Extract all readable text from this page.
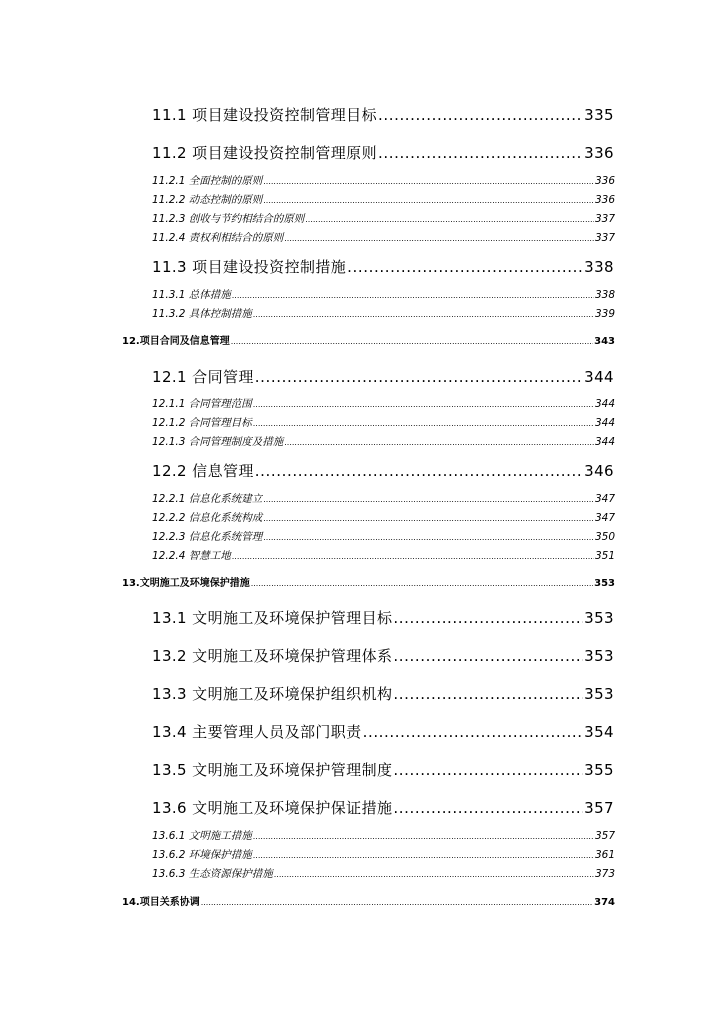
11.1 项目建设投资控制管理目标 .....	335
11.2 项目建设投资控制管理原则 .....	336
11.2.1 全面控制的原则 .....	336
11.2.2 动态控制的原则 .....	336
11.2.3 创收与节约相结合的原则 .....	337
11.2.4 责权利相结合的原则 .....	337
11.3 项目建设投资控制措施 .....	338
11.3.1 总体措施 .....	338
11.3.2 具体控制措施 .....	339
12.项目合同及信息管理 .....	343
12.1 合同管理 .....	344
12.1.1 合同管理范围 .....	344
12.1.2 合同管理目标 .....	344
12.1.3 合同管理制度及措施 .....	344
12.2 信息管理 .....	346
12.2.1 信息化系统建立 .....	347
12.2.2 信息化系统构成 .....	347
12.2.3 信息化系统管理 .....	350
12.2.4 智慧工地 .....	351
13.文明施工及环境保护措施 .....	353
13.1 文明施工及环境保护管理目标 .....	353
13.2 文明施工及环境保护管理体系 .....	353
13.3 文明施工及环境保护组织机构 .....	353
13.4 主要管理人员及部门职责 .....	354
13.5 文明施工及环境保护管理制度 .....	355
13.6 文明施工及环境保护保证措施 .....	357
13.6.1 文明施工措施 .....	357
13.6.2 环境保护措施 .....	361
13.6.3 生态资源保护措施 .....	373
14.项目关系协调 .....	374
